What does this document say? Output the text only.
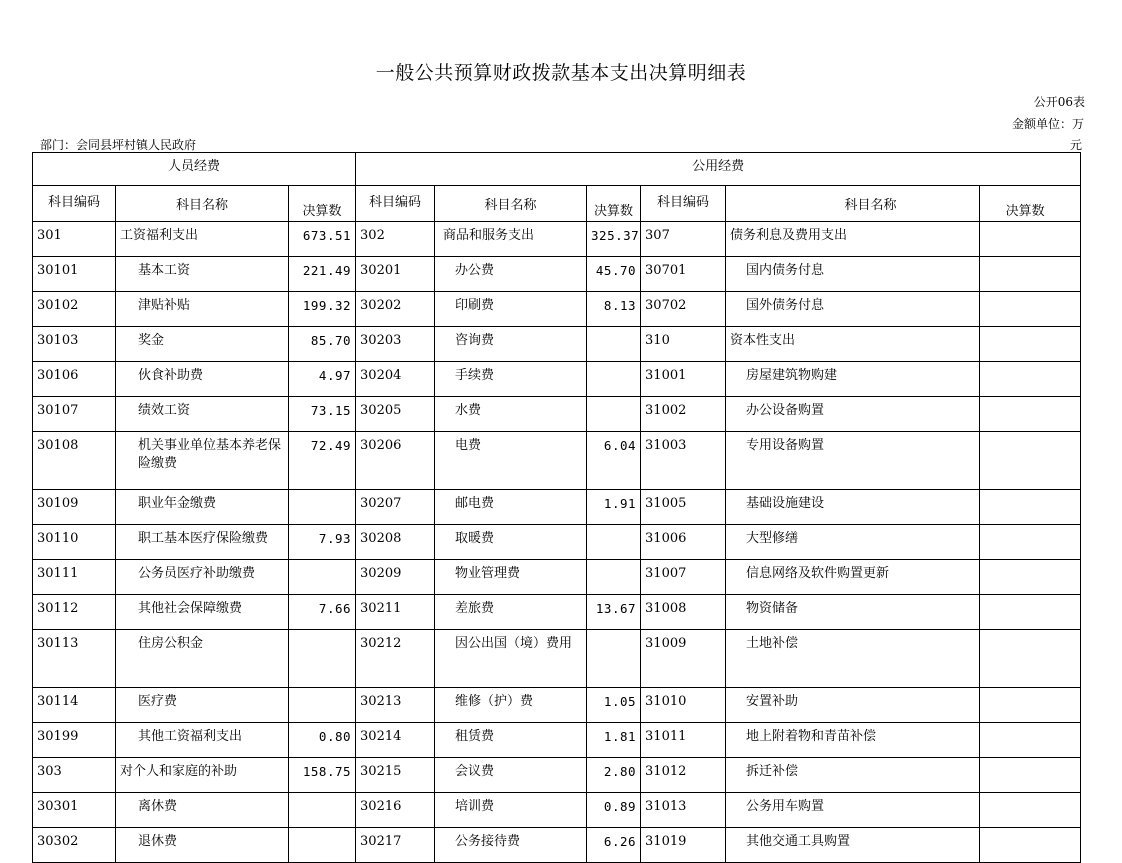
一般公共预算财政拨款基本支出决算明细表
公开06表
金额单位：万
元
部门：会同县坪村镇人民政府
人员经费			公用经费					
科目编码	科目名称	决算数	科目编码	科目名称	决算数	科目编码	科目名称	决算数
301	工资福利支出	673.51	302	商品和服务支出	325.37	307	债务利息及费用支出	
30101	基本工资	221.49	30201	办公费	45.70	30701	国内债务付息	
30102	津贴补贴	199.32	30202	印刷费	8.13	30702	国外债务付息	
30103	奖金	85.70	30203	咨询费		310	资本性支出	
30106	伙食补助费	4.97	30204	手续费		31001	房屋建筑物购建	
30107	绩效工资	73.15	30205	水费		31002	办公设备购置	
30108	机关事业单位基本养老保险缴费	72.49	30206	电费	6.04	31003	专用设备购置	
30109	职业年金缴费		30207	邮电费	1.91	31005	基础设施建设	
30110	职工基本医疗保险缴费	7.93	30208	取暖费		31006	大型修缮	
30111	公务员医疗补助缴费		30209	物业管理费		31007	信息网络及软件购置更新	
30112	其他社会保障缴费	7.66	30211	差旅费	13.67	31008	物资储备	
30113	住房公积金		30212	因公出国（境）费用		31009	土地补偿	
30114	医疗费		30213	维修（护）费	1.05	31010	安置补助	
30199	其他工资福利支出	0.80	30214	租赁费	1.81	31011	地上附着物和青苗补偿	
303	对个人和家庭的补助	158.75	30215	会议费	2.80	31012	拆迁补偿	
30301	离休费		30216	培训费	0.89	31013	公务用车购置	
30302	退休费		30217	公务接待费	6.26	31019	其他交通工具购置	
